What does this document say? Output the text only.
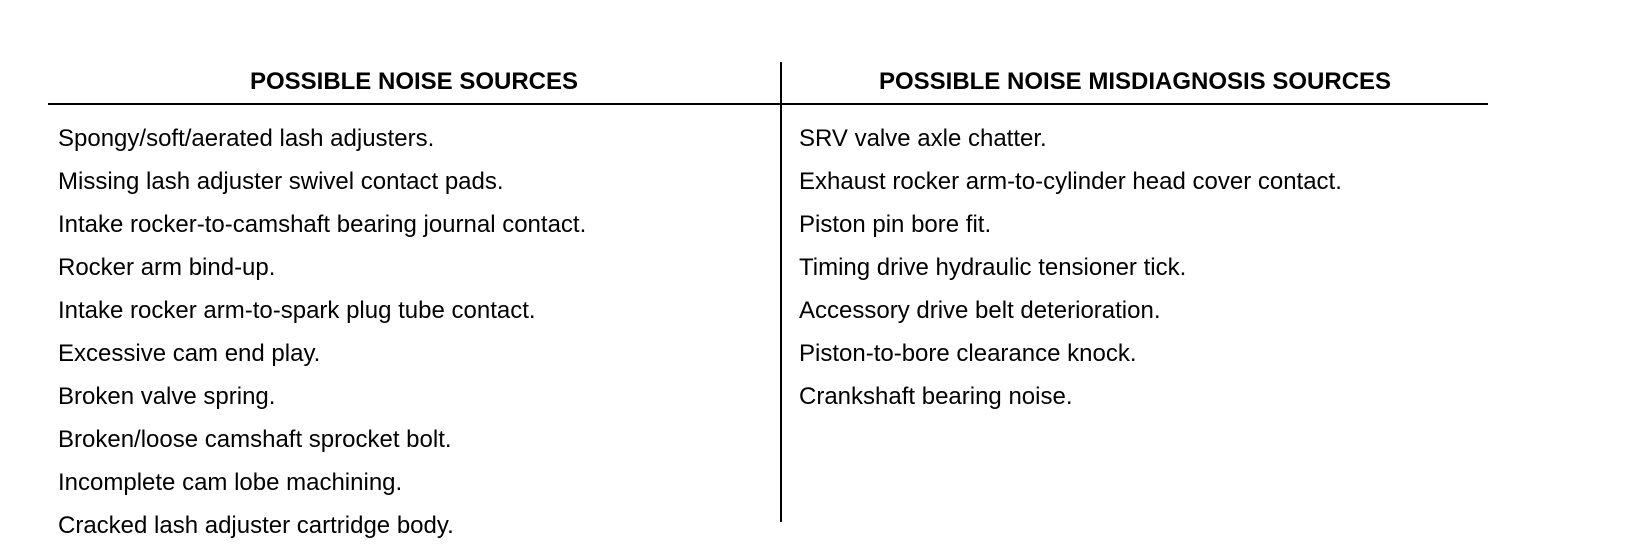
POSSIBLE NOISE SOURCES	POSSIBLE NOISE MISDIAGNOSIS SOURCES
Spongy/soft/aerated lash adjusters.
Missing lash adjuster swivel contact pads.
Intake rocker-to-camshaft bearing journal contact.
Rocker arm bind-up.
Intake rocker arm-to-spark plug tube contact.
Excessive cam end play.
Broken valve spring.
Broken/loose camshaft sprocket bolt.
Incomplete cam lobe machining.
Cracked lash adjuster cartridge body.
SRV valve axle chatter.
Exhaust rocker arm-to-cylinder head cover contact.
Piston pin bore fit.
Timing drive hydraulic tensioner tick.
Accessory drive belt deterioration.
Piston-to-bore clearance knock.
Crankshaft bearing noise.
